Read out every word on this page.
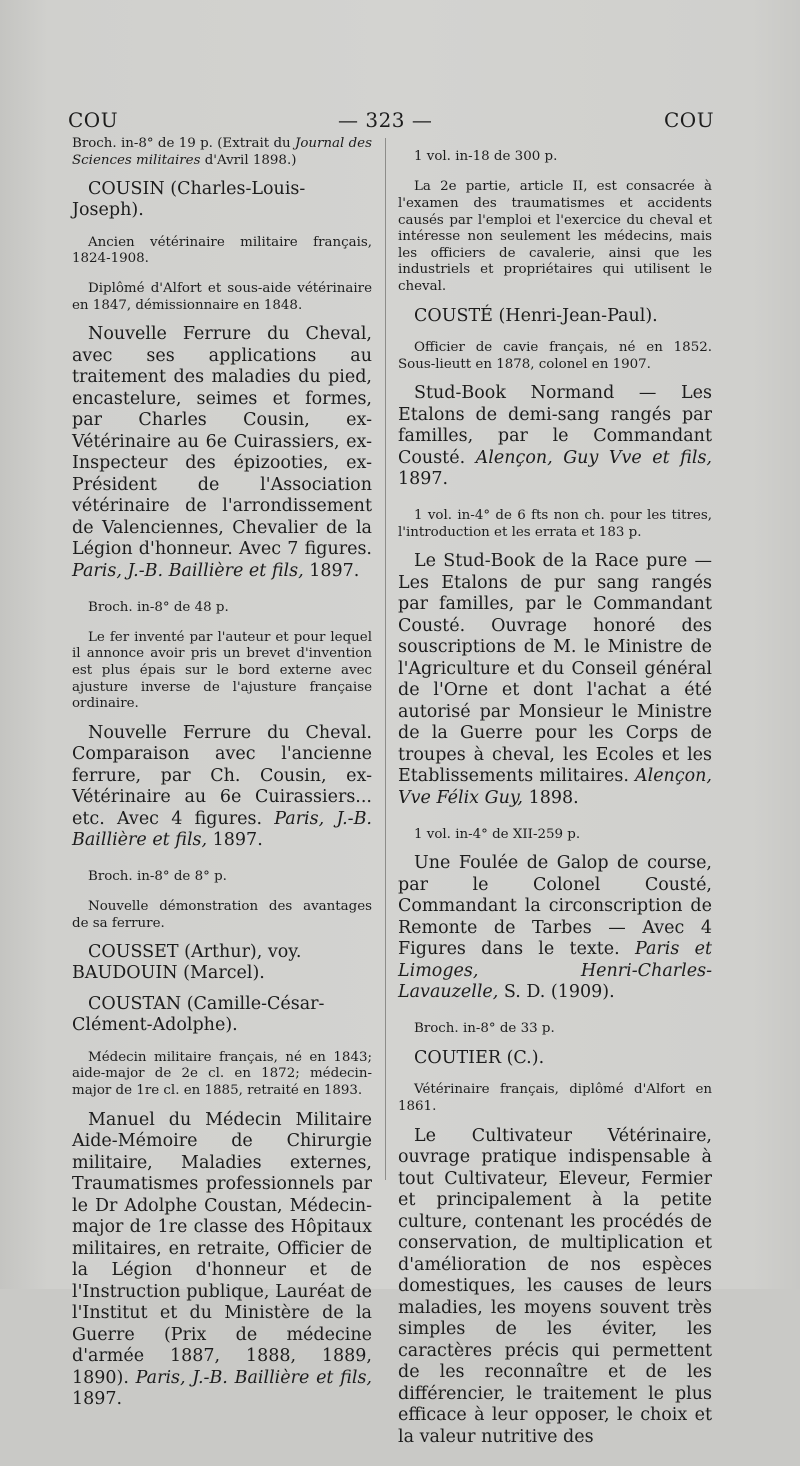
COU	— 323 —	COU

Broch. in-8° de 19 p. (Extrait du Journal des Sciences militaires d'Avril 1898.)

COUSIN (Charles-Louis-Joseph).

Ancien vétérinaire militaire français, 1824-1908.

Diplômé d'Alfort et sous-aide vétérinaire en 1847, démissionnaire en 1848.

Nouvelle Ferrure du Cheval, avec ses applications au traitement des maladies du pied, encastelure, seimes et formes, par Charles Cousin, ex-Vétérinaire au 6e Cuirassiers, ex-Inspecteur des épizooties, ex-Président de l'Association vétérinaire de l'arrondissement de Valenciennes, Chevalier de la Légion d'honneur. Avec 7 figures. Paris, J.-B. Baillière et fils, 1897.

Broch. in-8° de 48 p.

Le fer inventé par l'auteur et pour lequel il annonce avoir pris un brevet d'invention est plus épais sur le bord externe avec ajusture inverse de l'ajusture française ordinaire.

Nouvelle Ferrure du Cheval. Comparaison avec l'ancienne ferrure, par Ch. Cousin, ex-Vétérinaire au 6e Cuirassiers... etc. Avec 4 figures. Paris, J.-B. Baillière et fils, 1897.

Broch. in-8° de 8° p.

Nouvelle démonstration des avantages de sa ferrure.

COUSSET (Arthur), voy. BAUDOUIN (Marcel).

COUSTAN (Camille-César-Clément-Adolphe).

Médecin militaire français, né en 1843; aide-major de 2e cl. en 1872; médecin-major de 1re cl. en 1885, retraité en 1893.

Manuel du Médecin Militaire Aide-Mémoire de Chirurgie militaire, Maladies externes, Traumatismes professionnels par le Dr Adolphe Coustan, Médecin-major de 1re classe des Hôpitaux militaires, en retraite, Officier de la Légion d'honneur et de l'Instruction publique, Lauréat de l'Institut et du Ministère de la Guerre (Prix de médecine d'armée 1887, 1888, 1889, 1890). Paris, J.-B. Baillière et fils, 1897.

1 vol. in-18 de 300 p.

La 2e partie, article II, est consacrée à l'examen des traumatismes et accidents causés par l'emploi et l'exercice du cheval et intéresse non seulement les médecins, mais les officiers de cavalerie, ainsi que les industriels et propriétaires qui utilisent le cheval.

COUSTÉ (Henri-Jean-Paul).

Officier de cavie français, né en 1852. Sous-lieutt en 1878, colonel en 1907.

Stud-Book Normand — Les Etalons de demi-sang rangés par familles, par le Commandant Cousté. Alençon, Guy Vve et fils, 1897.

1 vol. in-4° de 6 fts non ch. pour les titres, l'introduction et les errata et 183 p.

Le Stud-Book de la Race pure — Les Etalons de pur sang rangés par familles, par le Commandant Cousté. Ouvrage honoré des souscriptions de M. le Ministre de l'Agriculture et du Conseil général de l'Orne et dont l'achat a été autorisé par Monsieur le Ministre de la Guerre pour les Corps de troupes à cheval, les Ecoles et les Etablissements militaires. Alençon, Vve Félix Guy, 1898.

1 vol. in-4° de XII-259 p.

Une Foulée de Galop de course, par le Colonel Cousté, Commandant la circonscription de Remonte de Tarbes — Avec 4 Figures dans le texte. Paris et Limoges, Henri-Charles-Lavauzelle, S. D. (1909).

Broch. in-8° de 33 p.

COUTIER (C.).

Vétérinaire français, diplômé d'Alfort en 1861.

Le Cultivateur Vétérinaire, ouvrage pratique indispensable à tout Cultivateur, Eleveur, Fermier et principalement à la petite culture, contenant les procédés de conservation, de multiplication et d'amélioration de nos espèces domestiques, les causes de leurs maladies, les moyens souvent très simples de les éviter, les caractères précis qui permettent de les reconnaître et de les différencier, le traitement le plus efficace à leur opposer, le choix et la valeur nutritive des
